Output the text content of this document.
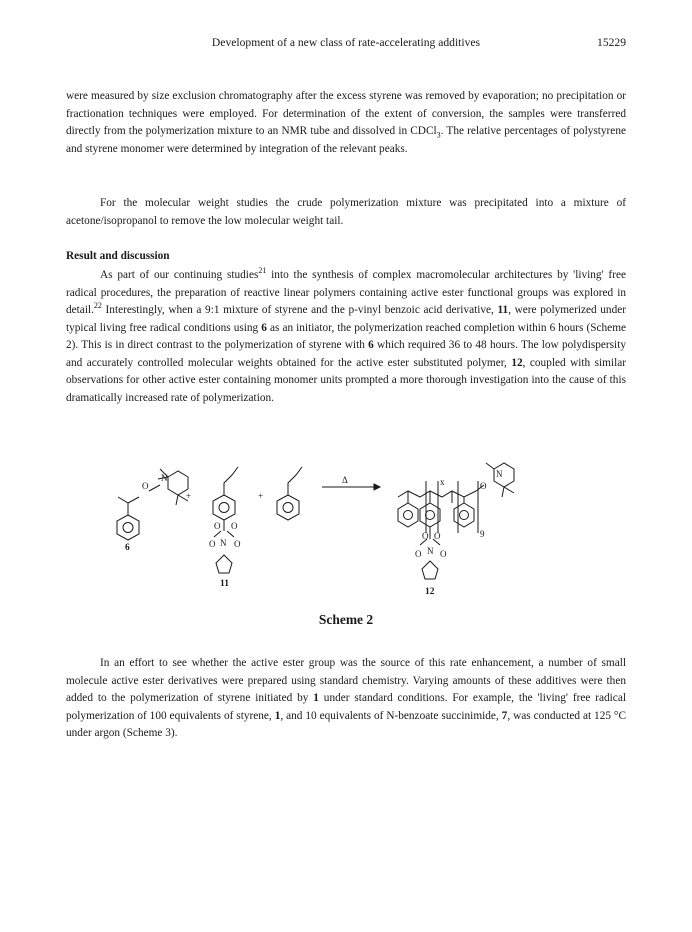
Development of a new class of rate-accelerating additives	15229

were measured by size exclusion chromatography after the excess styrene was removed by evaporation; no precipitation or fractionation techniques were employed. For determination of the extent of conversion, the samples were transferred directly from the polymerization mixture to an NMR tube and dissolved in CDCl$_3$. The relative percentages of polystyrene and styrene monomer were determined by integration of the relevant peaks.

For the molecular weight studies the crude polymerization mixture was precipitated into a mixture of acetone/isopropanol to remove the low molecular weight tail.

Result and discussion

As part of our continuing studies$^{21}$ into the synthesis of complex macromolecular architectures by 'living' free radical procedures, the preparation of reactive linear polymers containing active ester functional groups was explored in detail.$^{22}$ Interestingly, when a 9:1 mixture of styrene and the p-vinyl benzoic acid derivative, 11, were polymerized under typical living free radical conditions using 6 as an initiator, the polymerization reached completion within 6 hours (Scheme 2). This is in direct contrast to the polymerization of styrene with 6 which required 36 to 48 hours. The low polydispersity and accurately controlled molecular weights obtained for the active ester substituted polymer, 12, coupled with similar observations for other active ester containing monomer units prompted a more thorough investigation into the cause of this dramatically increased rate of polymerization.

O
N
+
O O
O N O
+
Δ
O O
O N O
O
N
x
9
6
11
12
Scheme 2

In an effort to see whether the active ester group was the source of this rate enhancement, a number of small molecule active ester derivatives were prepared using standard chemistry. Varying amounts of these additives were then added to the polymerization of styrene initiated by 1 under standard conditions. For example, the 'living' free radical polymerization of 100 equivalents of styrene, 1, and 10 equivalents of N-benzoate succinimide, 7, was conducted at 125 °C under argon (Scheme 3).
